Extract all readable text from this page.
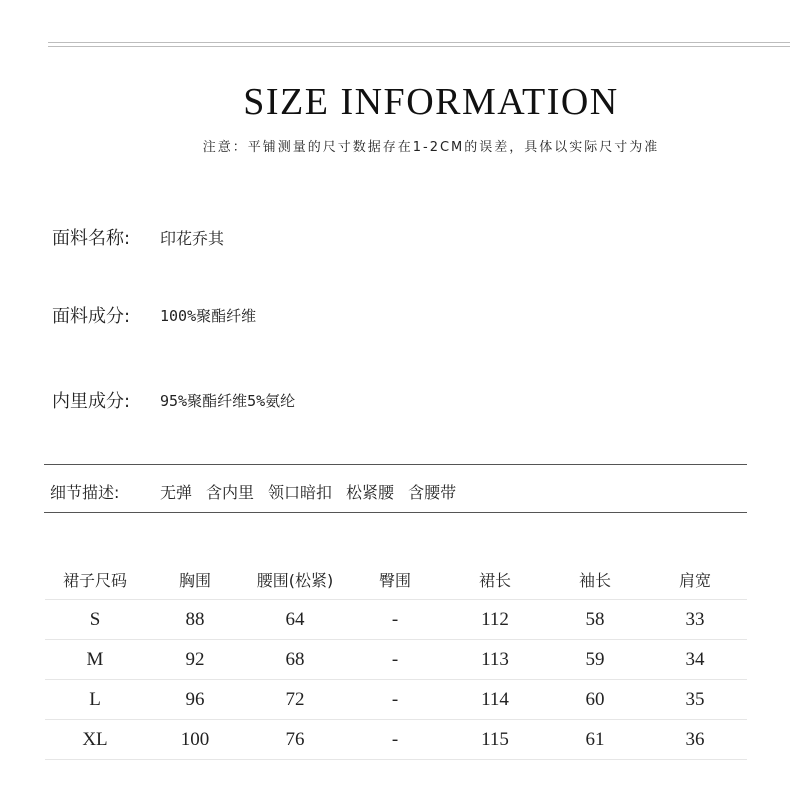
SIZE INFORMATION
注意：平铺测量的尺寸数据存在1-2CM的误差，具体以实际尺寸为准
面料名称:	印花乔其
面料成分:	100%聚酯纤维
内里成分:	95%聚酯纤维5%氨纶
细节描述:	无弹 含内里 领口暗扣 松紧腰 含腰带
裙子尺码	胸围	腰围(松紧)	臀围	裙长	袖长	肩宽
S	88	64	-	112	58	33
M	92	68	-	113	59	34
L	96	72	-	114	60	35
XL	100	76	-	115	61	36
